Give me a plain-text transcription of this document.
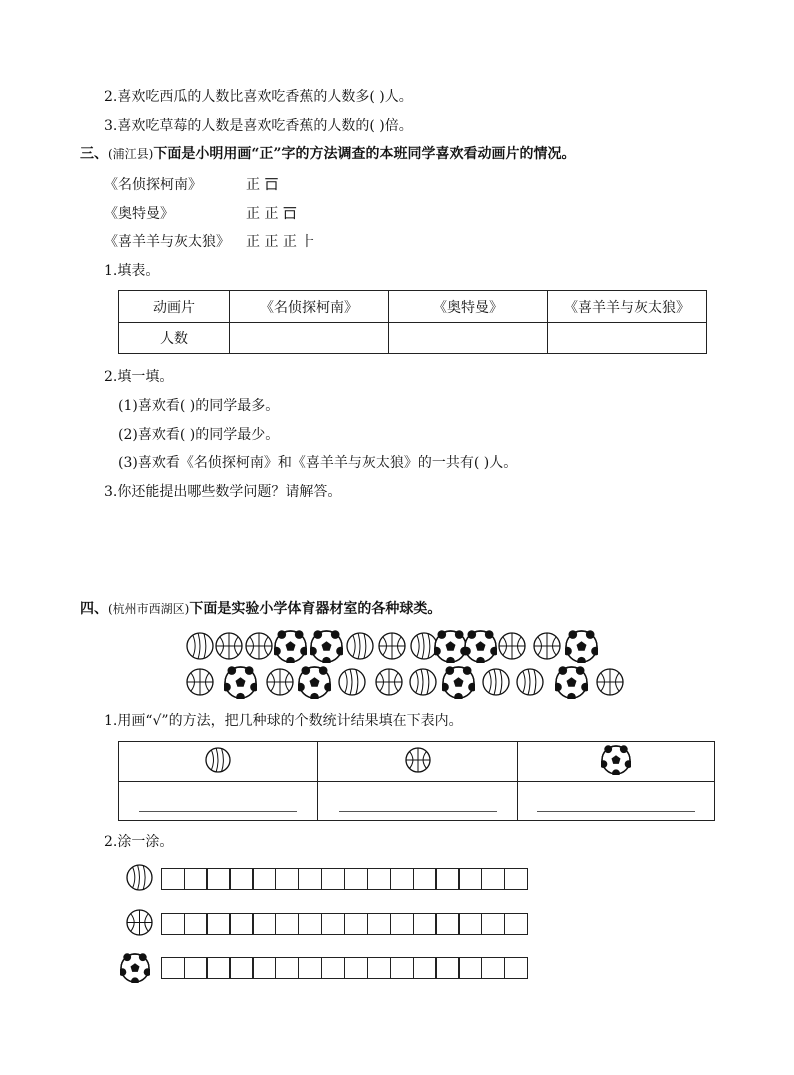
2.喜欢吃西瓜的人数比喜欢吃香蕉的人数多( )人。
3.喜欢吃草莓的人数是喜欢吃香蕉的人数的( )倍。
三、(浦江县)下面是小明用画“正”字的方法调查的本班同学喜欢看动画片的情况。
《名侦探柯南》	正 𠮛
《奥特曼》	正 正 𠮛
《喜羊羊与灰太狼》 正 正 正 ⺊
1.填表。
动画片	《名侦探柯南》	《奥特曼》	《喜羊羊与灰太狼》
人数			
2.填一填。
(1)喜欢看( )的同学最多。
(2)喜欢看( )的同学最少。
(3)喜欢看《名侦探柯南》和《喜羊羊与灰太狼》的一共有( )人。
3.你还能提出哪些数学问题？请解答。
四、(杭州市西湖区)下面是实验小学体育器材室的各种球类。
1.用画“√”的方法，把几种球的个数统计结果填在下表内。

2.涂一涂。
